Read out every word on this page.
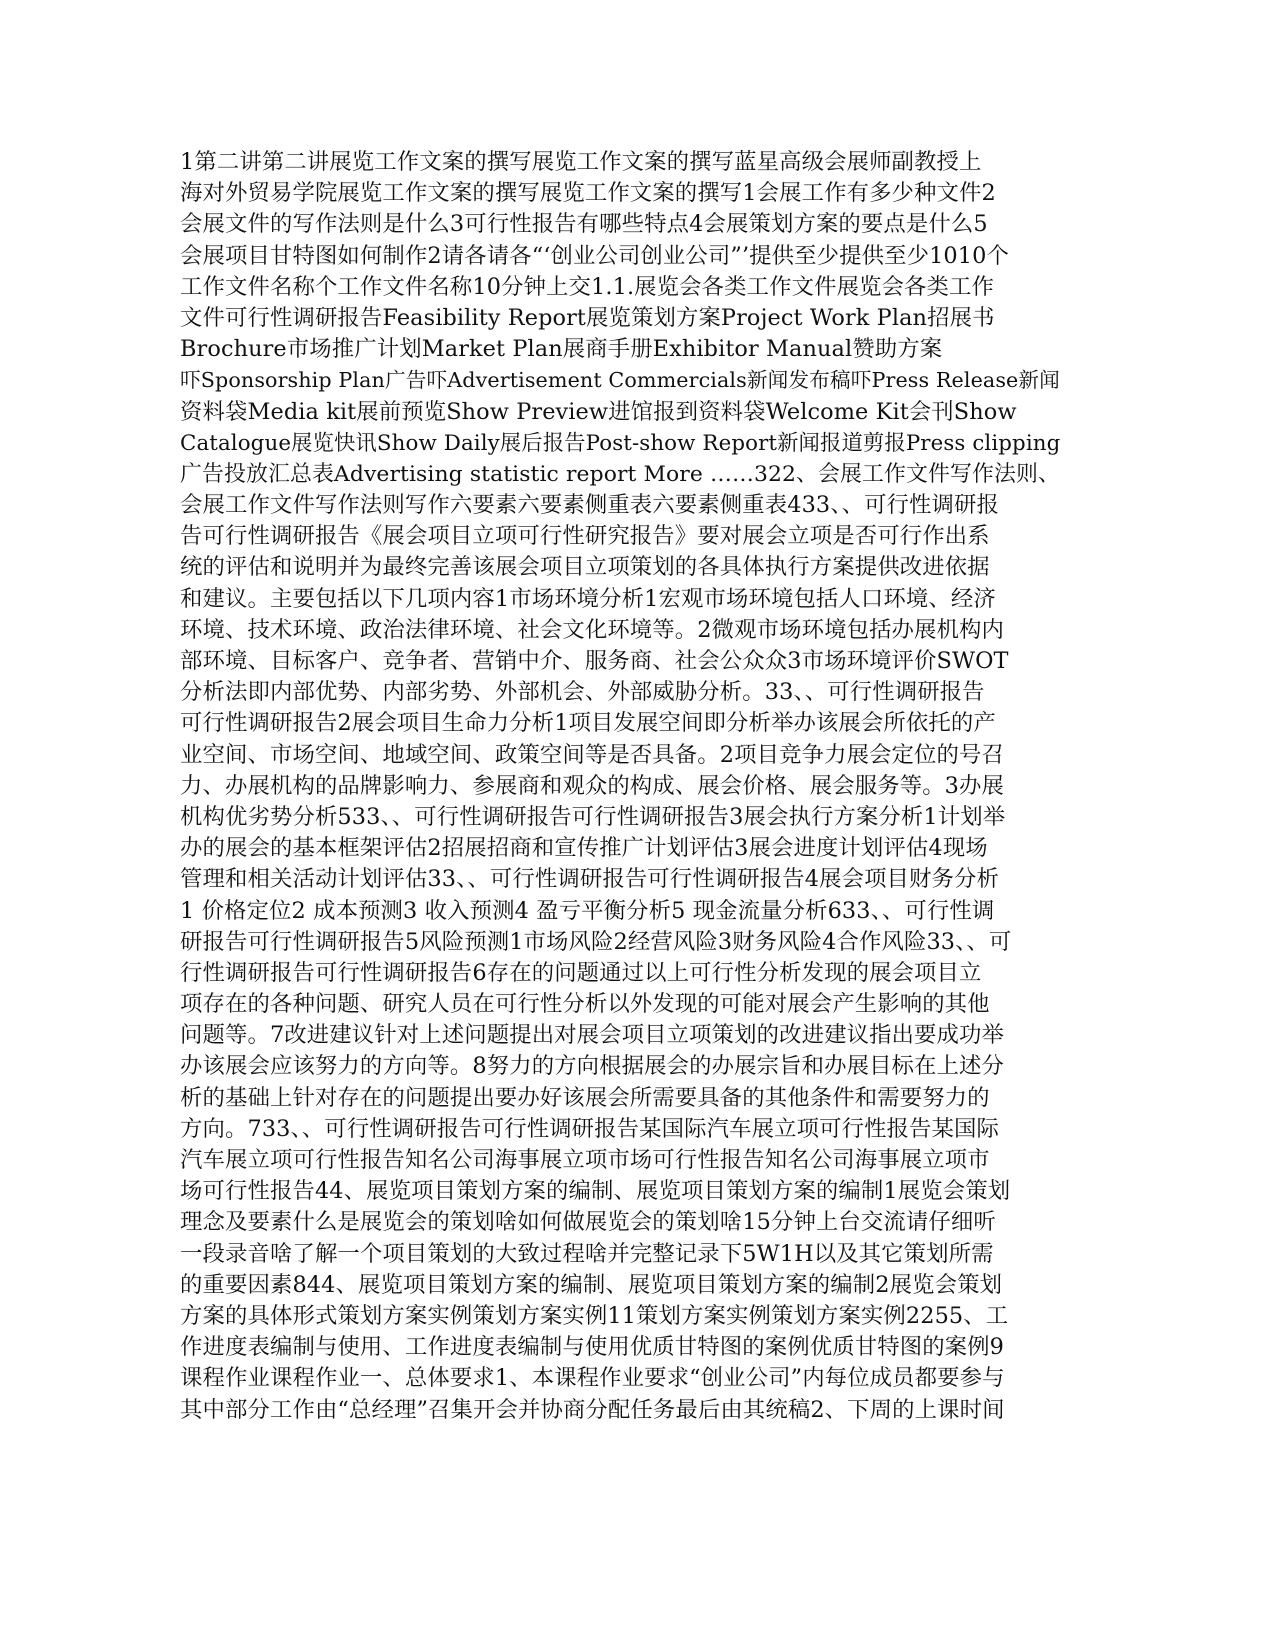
1第二讲第二讲展览工作文案的撰写展览工作文案的撰写蓝星高级会展师副教授上
海对外贸易学院展览工作文案的撰写展览工作文案的撰写1会展工作有多少种文件2
会展文件的写作法则是什么3可行性报告有哪些特点4会展策划方案的要点是什么5
会展项目甘特图如何制作2请各请各“‘创业公司创业公司”’提供至少提供至少1010个
工作文件名称个工作文件名称10分钟上交1.1.展览会各类工作文件展览会各类工作
文件可行性调研报告Feasibility Report展览策划方案Project Work Plan招展书
Brochure市场推广计划Market Plan展商手册Exhibitor Manual赞助方案
吓Sponsorship Plan广告吓Advertisement Commercials新闻发布稿吓Press Release新闻
资料袋Media kit展前预览Show Preview进馆报到资料袋Welcome Kit会刊Show
Catalogue展览快讯Show Daily展后报告Post-show Report新闻报道剪报Press clipping
广告投放汇总表Advertising statistic report More ……322、会展工作文件写作法则、
会展工作文件写作法则写作六要素六要素侧重表六要素侧重表433、、可行性调研报
告可行性调研报告《展会项目立项可行性研究报告》要对展会立项是否可行作出系
统的评估和说明并为最终完善该展会项目立项策划的各具体执行方案提供改进依据
和建议。主要包括以下几项内容1市场环境分析1宏观市场环境包括人口环境、经济
环境、技术环境、政治法律环境、社会文化环境等。2微观市场环境包括办展机构内
部环境、目标客户、竞争者、营销中介、服务商、社会公众众3市场环境评价SWOT
分析法即内部优势、内部劣势、外部机会、外部威胁分析。33、、可行性调研报告
可行性调研报告2展会项目生命力分析1项目发展空间即分析举办该展会所依托的产
业空间、市场空间、地域空间、政策空间等是否具备。2项目竞争力展会定位的号召
力、办展机构的品牌影响力、参展商和观众的构成、展会价格、展会服务等。3办展
机构优劣势分析533、、可行性调研报告可行性调研报告3展会执行方案分析1计划举
办的展会的基本框架评估2招展招商和宣传推广计划评估3展会进度计划评估4现场
管理和相关活动计划评估33、、可行性调研报告可行性调研报告4展会项目财务分析
1 价格定位2 成本预测3 收入预测4 盈亏平衡分析5 现金流量分析633、、可行性调
研报告可行性调研报告5风险预测1市场风险2经营风险3财务风险4合作风险33、、可
行性调研报告可行性调研报告6存在的问题通过以上可行性分析发现的展会项目立
项存在的各种问题、研究人员在可行性分析以外发现的可能对展会产生影响的其他
问题等。7改进建议针对上述问题提出对展会项目立项策划的改进建议指出要成功举
办该展会应该努力的方向等。8努力的方向根据展会的办展宗旨和办展目标在上述分
析的基础上针对存在的问题提出要办好该展会所需要具备的其他条件和需要努力的
方向。733、、可行性调研报告可行性调研报告某国际汽车展立项可行性报告某国际
汽车展立项可行性报告知名公司海事展立项市场可行性报告知名公司海事展立项市
场可行性报告44、展览项目策划方案的编制、展览项目策划方案的编制1展览会策划
理念及要素什么是展览会的策划啥如何做展览会的策划啥15分钟上台交流请仔细听
一段录音啥了解一个项目策划的大致过程啥并完整记录下5W1H以及其它策划所需
的重要因素844、展览项目策划方案的编制、展览项目策划方案的编制2展览会策划
方案的具体形式策划方案实例策划方案实例11策划方案实例策划方案实例2255、工
作进度表编制与使用、工作进度表编制与使用优质甘特图的案例优质甘特图的案例9
课程作业课程作业一、总体要求1、本课程作业要求“创业公司”内每位成员都要参与
其中部分工作由“总经理”召集开会并协商分配任务最后由其统稿2、下周的上课时间
